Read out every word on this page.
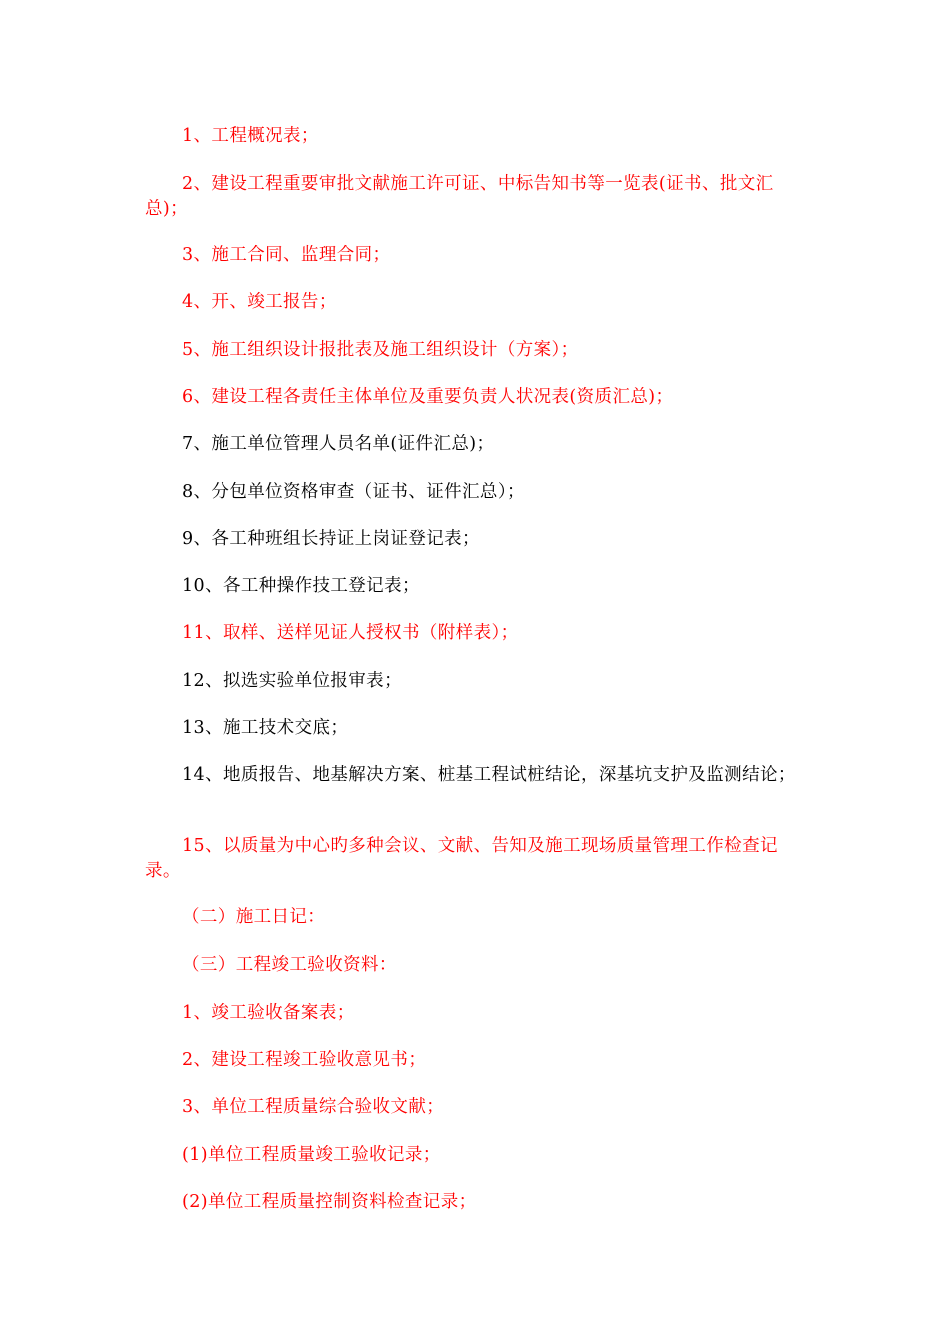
1、工程概况表；

2、建设工程重要审批文献施工许可证、中标告知书等一览表(证书、批文汇总)；

3、施工合同、监理合同；

4、开、竣工报告；

5、施工组织设计报批表及施工组织设计（方案）；

6、建设工程各责任主体单位及重要负责人状况表(资质汇总)；

7、施工单位管理人员名单(证件汇总)；

8、分包单位资格审查（证书、证件汇总）；

9、各工种班组长持证上岗证登记表；

10、各工种操作技工登记表；

11、取样、送样见证人授权书（附样表）；

12、拟选实验单位报审表；

13、施工技术交底；

14、地质报告、地基解决方案、桩基工程试桩结论，深基坑支护及监测结论；

15、以质量为中心旳多种会议、文献、告知及施工现场质量管理工作检查记录。

（二）施工日记：

（三）工程竣工验收资料：

1、竣工验收备案表；

2、建设工程竣工验收意见书；

3、单位工程质量综合验收文献；

(1)单位工程质量竣工验收记录；

(2)单位工程质量控制资料检查记录；
